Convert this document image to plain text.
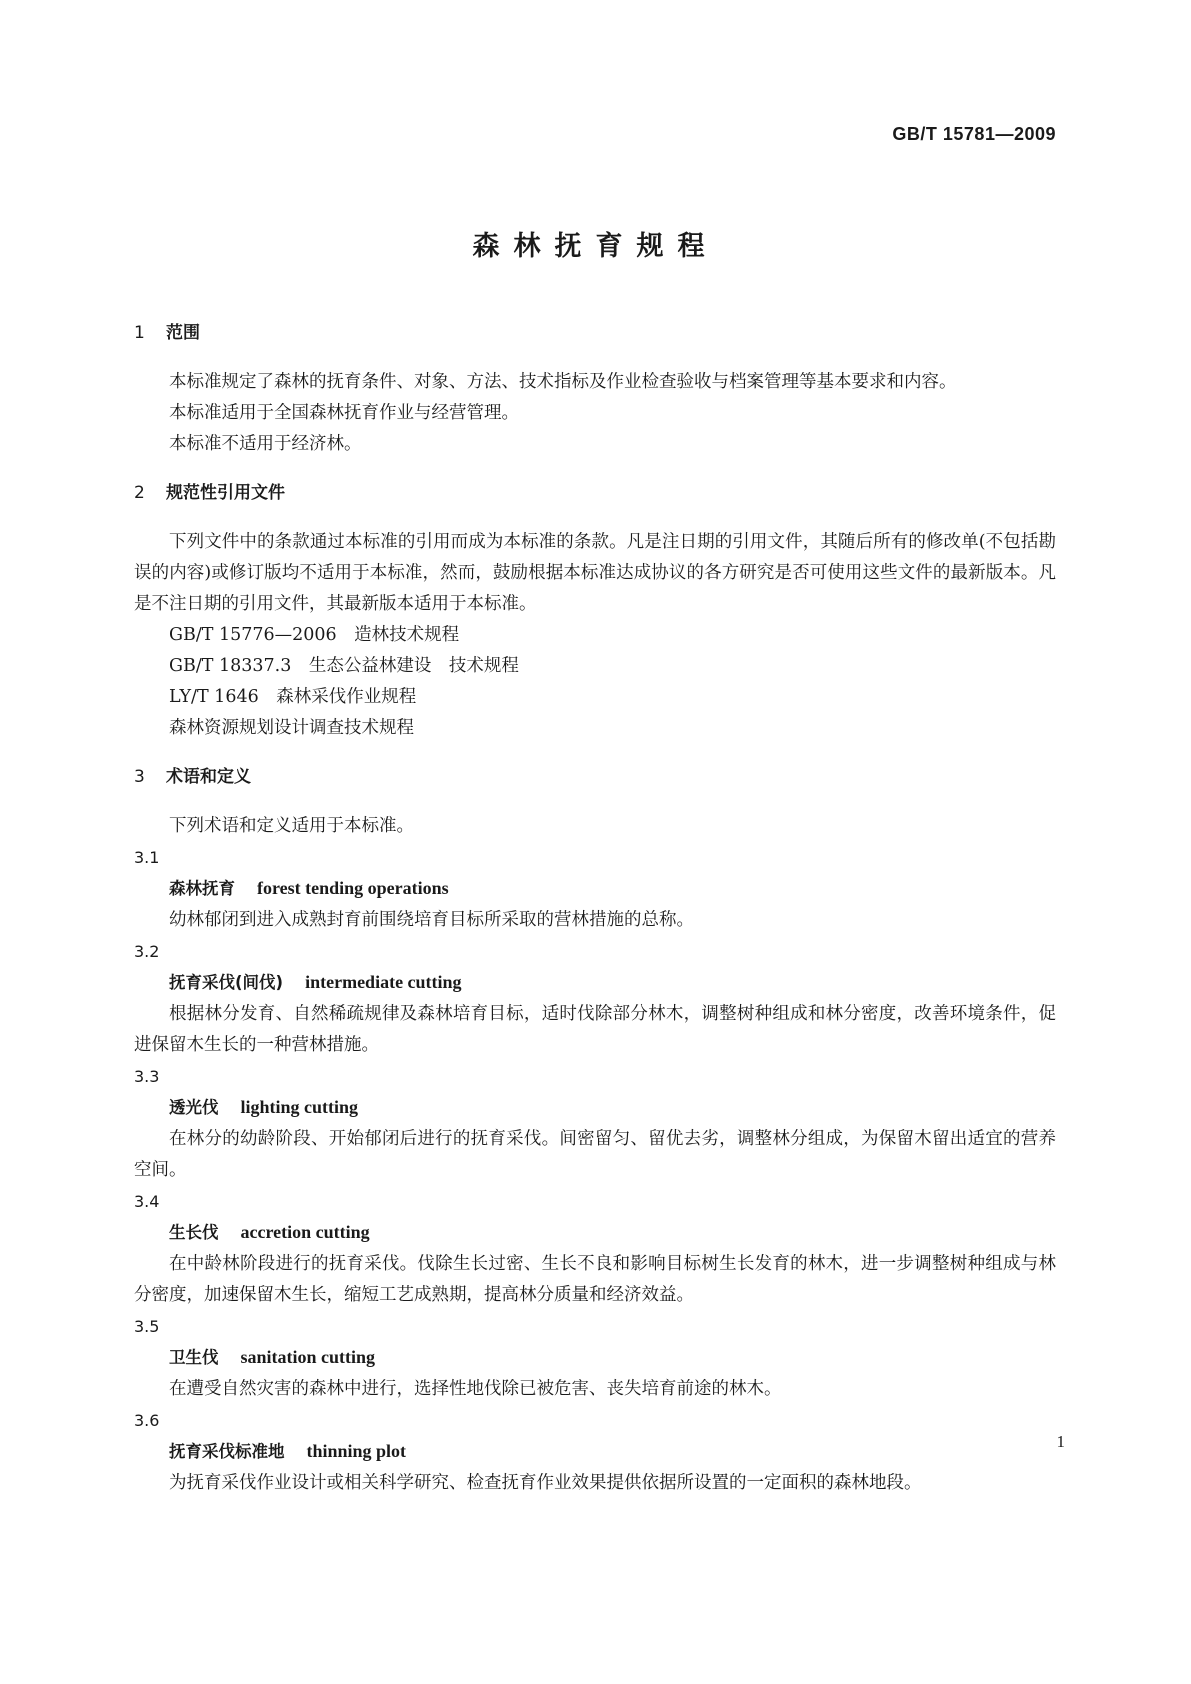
GB/T 15781—2009
森林抚育规程
1	范围

本标准规定了森林的抚育条件、对象、方法、技术指标及作业检查验收与档案管理等基本要求和内容。

本标准适用于全国森林抚育作业与经营管理。

本标准不适用于经济林。

2	规范性引用文件

下列文件中的条款通过本标准的引用而成为本标准的条款。凡是注日期的引用文件，其随后所有的修改单(不包括勘误的内容)或修订版均不适用于本标准，然而，鼓励根据本标准达成协议的各方研究是否可使用这些文件的最新版本。凡是不注日期的引用文件，其最新版本适用于本标准。

GB/T 15776—2006　造林技术规程

GB/T 18337.3　生态公益林建设　技术规程

LY/T 1646　森林采伐作业规程

森林资源规划设计调查技术规程

3	术语和定义

下列术语和定义适用于本标准。

3.1

森林抚育 forest tending operations

幼林郁闭到进入成熟封育前围绕培育目标所采取的营林措施的总称。

3.2

抚育采伐(间伐) intermediate cutting

根据林分发育、自然稀疏规律及森林培育目标，适时伐除部分林木，调整树种组成和林分密度，改善环境条件，促进保留木生长的一种营林措施。

3.3

透光伐 lighting cutting

在林分的幼龄阶段、开始郁闭后进行的抚育采伐。间密留匀、留优去劣，调整林分组成，为保留木留出适宜的营养空间。

3.4

生长伐 accretion cutting

在中龄林阶段进行的抚育采伐。伐除生长过密、生长不良和影响目标树生长发育的林木，进一步调整树种组成与林分密度，加速保留木生长，缩短工艺成熟期，提高林分质量和经济效益。

3.5

卫生伐 sanitation cutting

在遭受自然灾害的森林中进行，选择性地伐除已被危害、丧失培育前途的林木。

3.6

抚育采伐标准地 thinning plot

为抚育采伐作业设计或相关科学研究、检查抚育作业效果提供依据所设置的一定面积的森林地段。

1
